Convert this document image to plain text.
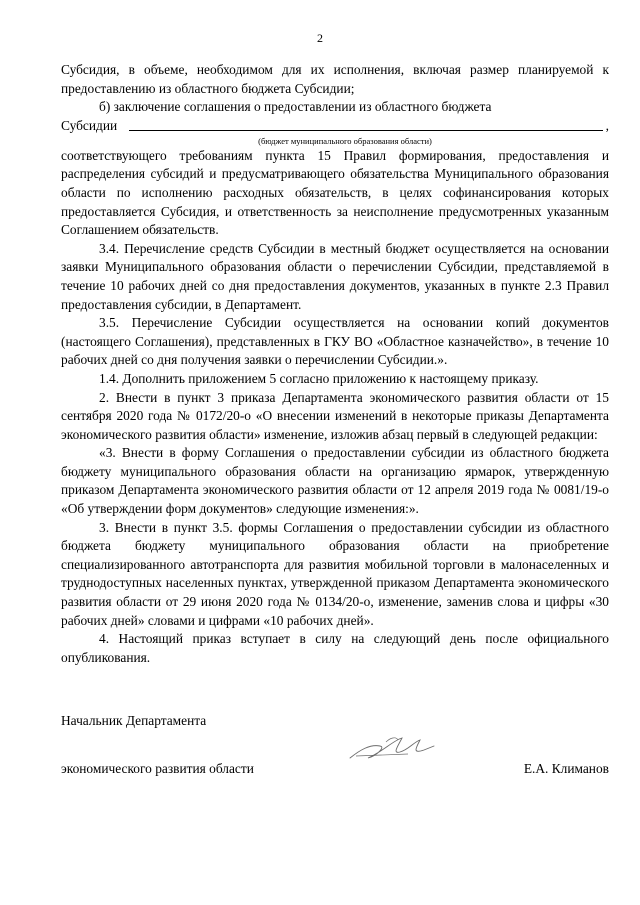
2

Субсидия, в объеме, необходимом для их исполнения, включая размер планируемой к предоставлению из областного бюджета Субсидии;

б) заключение соглашения о предоставлении из областного бюджета

Субсидии	,

(бюджет муниципального образования области)

соответствующего требованиям пункта 15 Правил формирования, предоставления и распределения субсидий и предусматривающего обязательства Муниципального образования области по исполнению расходных обязательств, в целях софинансирования которых предоставляется Субсидия, и ответственность за неисполнение предусмотренных указанным Соглашением обязательств.

3.4. Перечисление средств Субсидии в местный бюджет осуществляется на основании заявки Муниципального образования области о перечислении Субсидии, представляемой в течение 10 рабочих дней со дня предоставления документов, указанных в пункте 2.3 Правил предоставления субсидии, в Департамент.

3.5. Перечисление Субсидии осуществляется на основании копий документов (настоящего Соглашения), представленных в ГКУ ВО «Областное казначейство», в течение 10 рабочих дней со дня получения заявки о перечислении Субсидии.».

1.4. Дополнить приложением 5 согласно приложению к настоящему приказу.

2. Внести в пункт 3 приказа Департамента экономического развития области от 15 сентября 2020 года № 0172/20-о «О внесении изменений в некоторые приказы Департамента экономического развития области» изменение, изложив абзац первый в следующей редакции:

«3. Внести в форму Соглашения о предоставлении субсидии из областного бюджета бюджету муниципального образования области на организацию ярмарок, утвержденную приказом Департамента экономического развития области от 12 апреля 2019 года № 0081/19-о «Об утверждении форм документов» следующие изменения:».

3. Внести в пункт 3.5. формы Соглашения о предоставлении субсидии из областного бюджета бюджету муниципального образования области на приобретение специализированного автотранспорта для развития мобильной торговли в малонаселенных и труднодоступных населенных пунктах, утвержденной приказом Департамента экономического развития области от 29 июня 2020 года № 0134/20-о, изменение, заменив слова и цифры «30 рабочих дней» словами и цифрами «10 рабочих дней».

4. Настоящий приказ вступает в силу на следующий день после официального опубликования.

Начальник Департамента
экономического развития области	Е.А. Климанов
